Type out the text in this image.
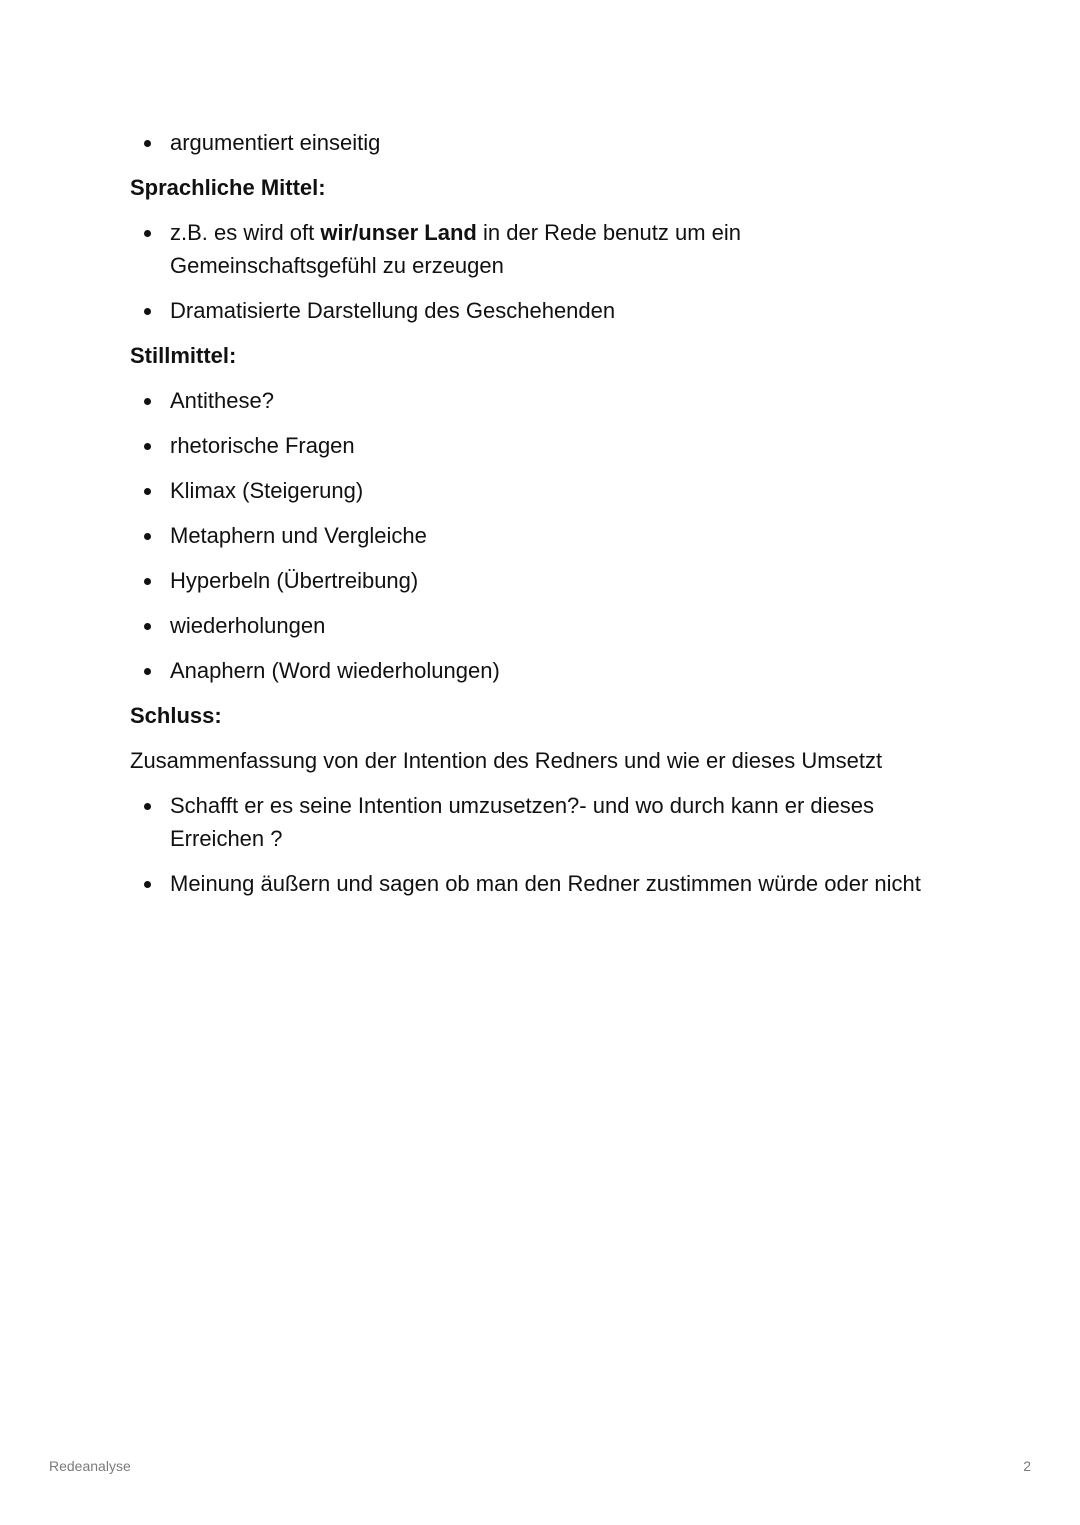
argumentiert einseitig
Sprachliche Mittel:
z.B. es wird oft wir/unser Land in der Rede benutz um ein Gemeinschaftsgefühl zu erzeugen
Dramatisierte Darstellung des Geschehenden
Stillmittel:
Antithese?
rhetorische Fragen
Klimax (Steigerung)
Metaphern und Vergleiche
Hyperbeln (Übertreibung)
wiederholungen
Anaphern (Word wiederholungen)
Schluss:
Zusammenfassung von der Intention des Redners und wie er dieses Umsetzt
Schafft er es seine Intention umzusetzen?- und wo durch kann er dieses Erreichen ?
Meinung äußern und sagen ob man den Redner zustimmen würde oder nicht
Redeanalyse	2
